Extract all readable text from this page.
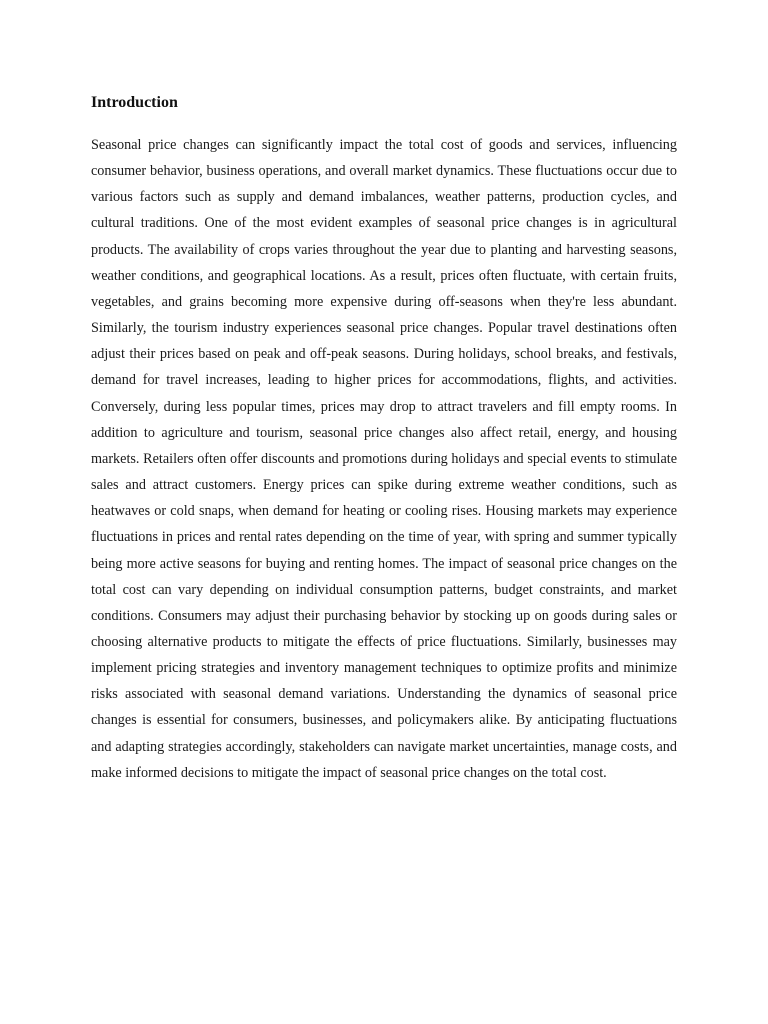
Introduction

Seasonal price changes can significantly impact the total cost of goods and services, influencing consumer behavior, business operations, and overall market dynamics. These fluctuations occur due to various factors such as supply and demand imbalances, weather patterns, production cycles, and cultural traditions. One of the most evident examples of seasonal price changes is in agricultural products. The availability of crops varies throughout the year due to planting and harvesting seasons, weather conditions, and geographical locations. As a result, prices often fluctuate, with certain fruits, vegetables, and grains becoming more expensive during off-seasons when they're less abundant. Similarly, the tourism industry experiences seasonal price changes. Popular travel destinations often adjust their prices based on peak and off-peak seasons. During holidays, school breaks, and festivals, demand for travel increases, leading to higher prices for accommodations, flights, and activities. Conversely, during less popular times, prices may drop to attract travelers and fill empty rooms. In addition to agriculture and tourism, seasonal price changes also affect retail, energy, and housing markets. Retailers often offer discounts and promotions during holidays and special events to stimulate sales and attract customers. Energy prices can spike during extreme weather conditions, such as heatwaves or cold snaps, when demand for heating or cooling rises. Housing markets may experience fluctuations in prices and rental rates depending on the time of year, with spring and summer typically being more active seasons for buying and renting homes. The impact of seasonal price changes on the total cost can vary depending on individual consumption patterns, budget constraints, and market conditions. Consumers may adjust their purchasing behavior by stocking up on goods during sales or choosing alternative products to mitigate the effects of price fluctuations. Similarly, businesses may implement pricing strategies and inventory management techniques to optimize profits and minimize risks associated with seasonal demand variations. Understanding the dynamics of seasonal price changes is essential for consumers, businesses, and policymakers alike. By anticipating fluctuations and adapting strategies accordingly, stakeholders can navigate market uncertainties, manage costs, and make informed decisions to mitigate the impact of seasonal price changes on the total cost.
